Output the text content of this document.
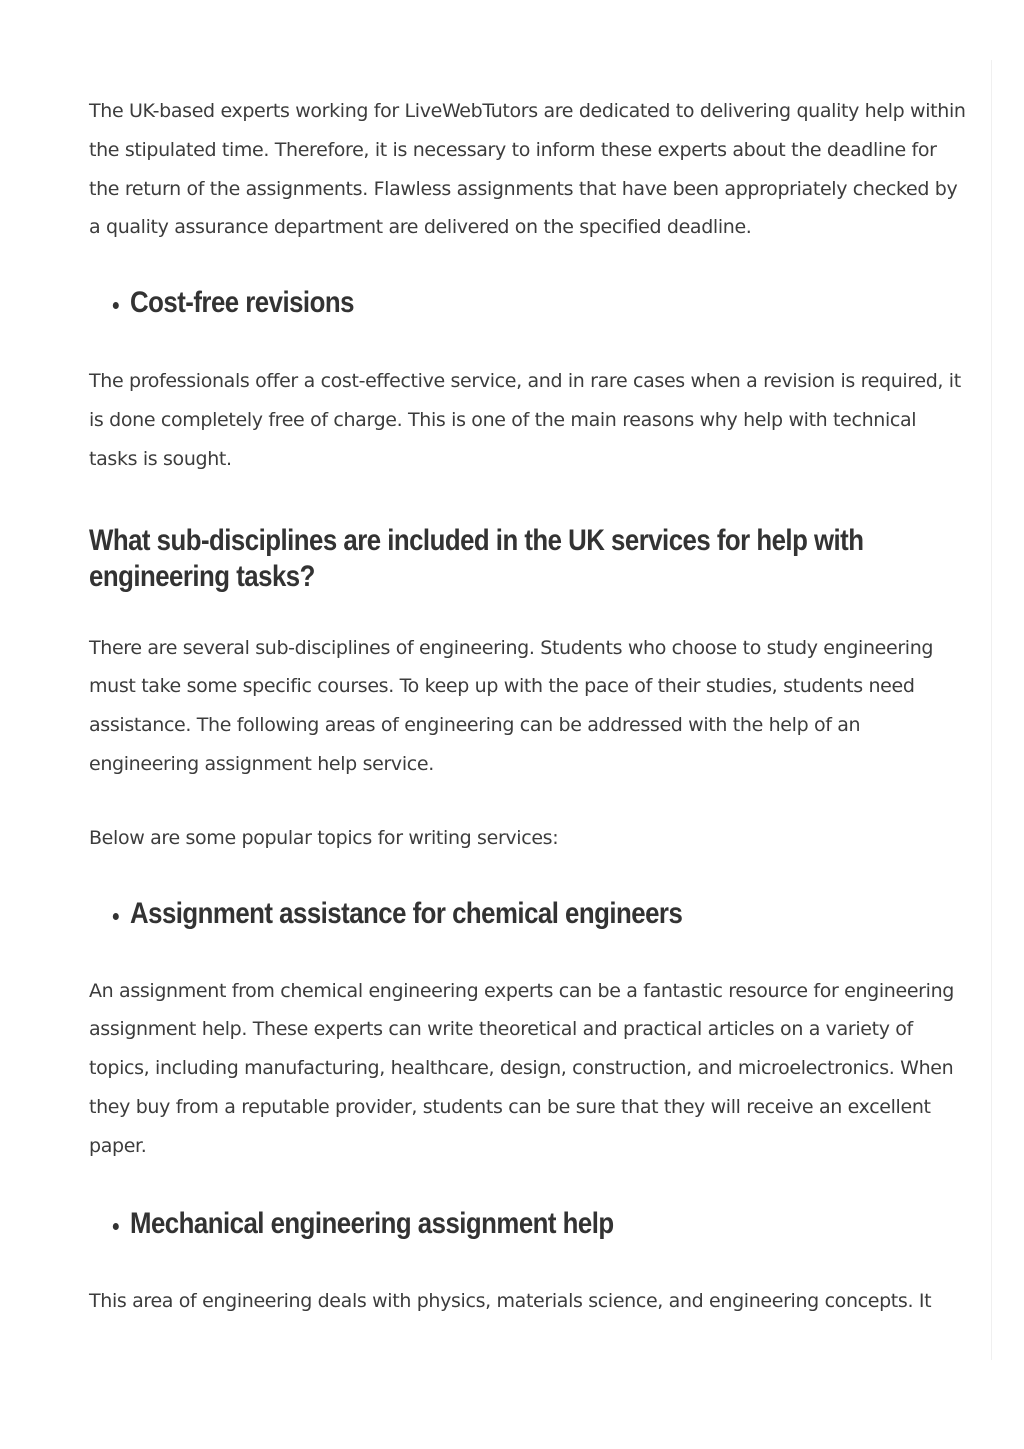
The UK-based experts working for LiveWebTutors are dedicated to delivering quality help within the stipulated time. Therefore, it is necessary to inform these experts about the deadline for the return of the assignments. Flawless assignments that have been appropriately checked by a quality assurance department are delivered on the specified deadline.

• Cost-free revisions

The professionals offer a cost-effective service, and in rare cases when a revision is required, it is done completely free of charge. This is one of the main reasons why help with technical tasks is sought.

What sub-disciplines are included in the UK services for help with engineering tasks?

There are several sub-disciplines of engineering. Students who choose to study engineering must take some specific courses. To keep up with the pace of their studies, students need assistance. The following areas of engineering can be addressed with the help of an engineering assignment help service.

Below are some popular topics for writing services:

• Assignment assistance for chemical engineers

An assignment from chemical engineering experts can be a fantastic resource for engineering assignment help. These experts can write theoretical and practical articles on a variety of topics, including manufacturing, healthcare, design, construction, and microelectronics. When they buy from a reputable provider, students can be sure that they will receive an excellent paper.

• Mechanical engineering assignment help

This area of engineering deals with physics, materials science, and engineering concepts. It
